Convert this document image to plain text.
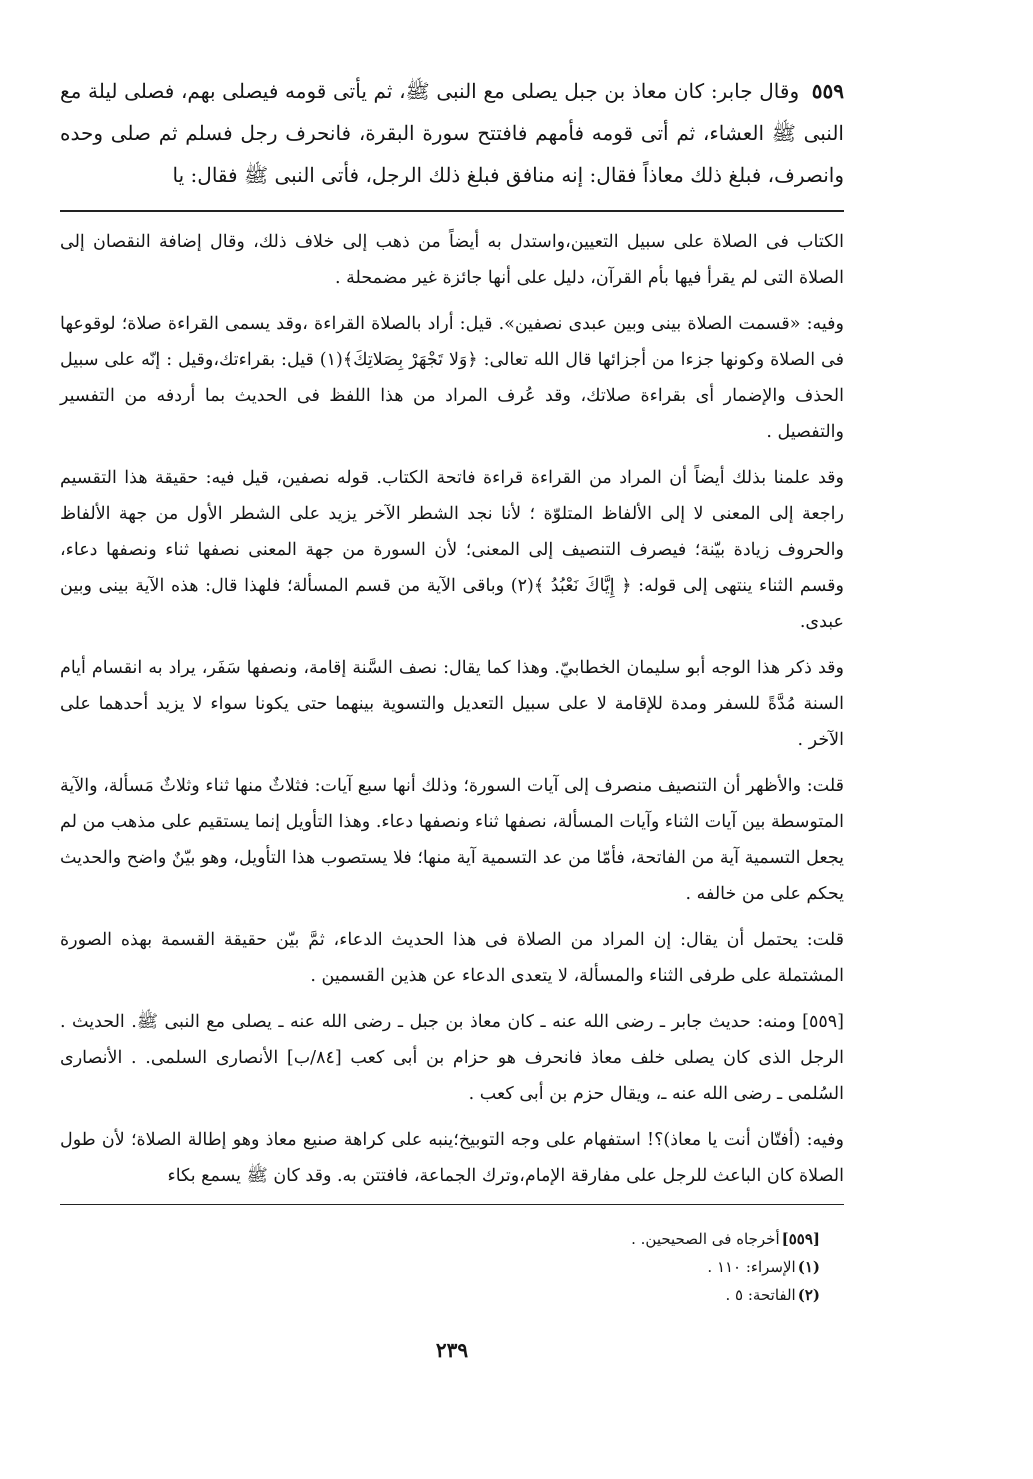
٥٥٩ وقال جابر: كان معاذ بن جبل يصلى مع النبى ﷺ، ثم يأتى قومه فيصلى بهم، فصلى ليلة مع النبى ﷺ العشاء، ثم أتى قومه فأمهم فافتتح سورة البقرة، فانحرف رجل فسلم ثم صلى وحده وانصرف، فبلغ ذلك معاذاً فقال: إنه منافق فبلغ ذلك الرجل، فأتى النبى ﷺ فقال: يا

الكتاب فى الصلاة على سبيل التعيين،واستدل به أيضاً من ذهب إلى خلاف ذلك، وقال إضافة النقصان إلى الصلاة التى لم يقرأ فيها بأم القرآن، دليل على أنها جائزة غير مضمحلة .

وفيه: «قسمت الصلاة بينى وبين عبدى نصفين». قيل: أراد بالصلاة القراءة ،وقد يسمى القراءة صلاة؛ لوقوعها فى الصلاة وكونها جزءا من أجزائها قال الله تعالى: ﴿وَلا تَجْهَرْ بِصَلاتِكَ﴾(١) قيل: بقراءتك،وقيل : إنّه على سبيل الحذف والإضمار أى بقراءة صلاتك، وقد عُرف المراد من هذا اللفظ فى الحديث بما أردفه من التفسير والتفصيل .

وقد علمنا بذلك أيضاً أن المراد من القراءة قراءة فاتحة الكتاب. قوله نصفين، قيل فيه: حقيقة هذا التقسيم راجعة إلى المعنى لا إلى الألفاظ المتلوّة ؛ لأنا نجد الشطر الآخر يزيد على الشطر الأول من جهة الألفاظ والحروف زيادة بيّنة؛ فيصرف التنصيف إلى المعنى؛ لأن السورة من جهة المعنى نصفها ثناء ونصفها دعاء، وقسم الثناء ينتهى إلى قوله: ﴿ إِيَّاكَ نَعْبُدُ ﴾(٢) وباقى الآية من قسم المسألة؛ فلهذا قال: هذه الآية بينى وبين عبدى.

وقد ذكر هذا الوجه أبو سليمان الخطابيّ. وهذا كما يقال: نصف السَّنة إقامة، ونصفها سَفَر، يراد به انقسام أيام السنة مُدَّةً للسفر ومدة للإقامة لا على سبيل التعديل والتسوية بينهما حتى يكونا سواء لا يزيد أحدهما على الآخر .

قلت: والأظهر أن التنصيف منصرف إلى آيات السورة؛ وذلك أنها سبع آيات: فثلاثٌ منها ثناء وثلاثٌ مَسألة، والآية المتوسطة بين آيات الثناء وآيات المسألة، نصفها ثناء ونصفها دعاء. وهذا التأويل إنما يستقيم على مذهب من لم يجعل التسمية آية من الفاتحة، فأمّا من عد التسمية آية منها؛ فلا يستصوب هذا التأويل، وهو بيّنٌ واضح والحديث يحكم على من خالفه .

قلت: يحتمل أن يقال: إن المراد من الصلاة فى هذا الحديث الدعاء، ثمَّ بيّن حقيقة القسمة بهذه الصورة المشتملة على طرفى الثناء والمسألة، لا يتعدى الدعاء عن هذين القسمين .

[٥٥٩] ومنه: حديث جابر ـ رضى الله عنه ـ كان معاذ بن جبل ـ رضى الله عنه ـ يصلى مع النبى ﷺ. الحديث . الرجل الذى كان يصلى خلف معاذ فانحرف هو حزام بن أبى كعب [٨٤/ب] الأنصارى السلمى. . الأنصارى السُلمى ـ رضى الله عنه ـ، ويقال حزم بن أبى كعب .

وفيه: (أفتّان أنت يا معاذ)؟! استفهام على وجه التوبيخ؛ينبه على كراهة صنيع معاذ وهو إطالة الصلاة؛ لأن طول الصلاة كان الباعث للرجل على مفارقة الإمام،وترك الجماعة، فافتتن به. وقد كان ﷺ يسمع بكاء

[٥٥٩]أخرجاه فى الصحيحين. .

(١)الإسراء: ١١٠ .

(٢)الفاتحة: ٥ .

٢٣٩
